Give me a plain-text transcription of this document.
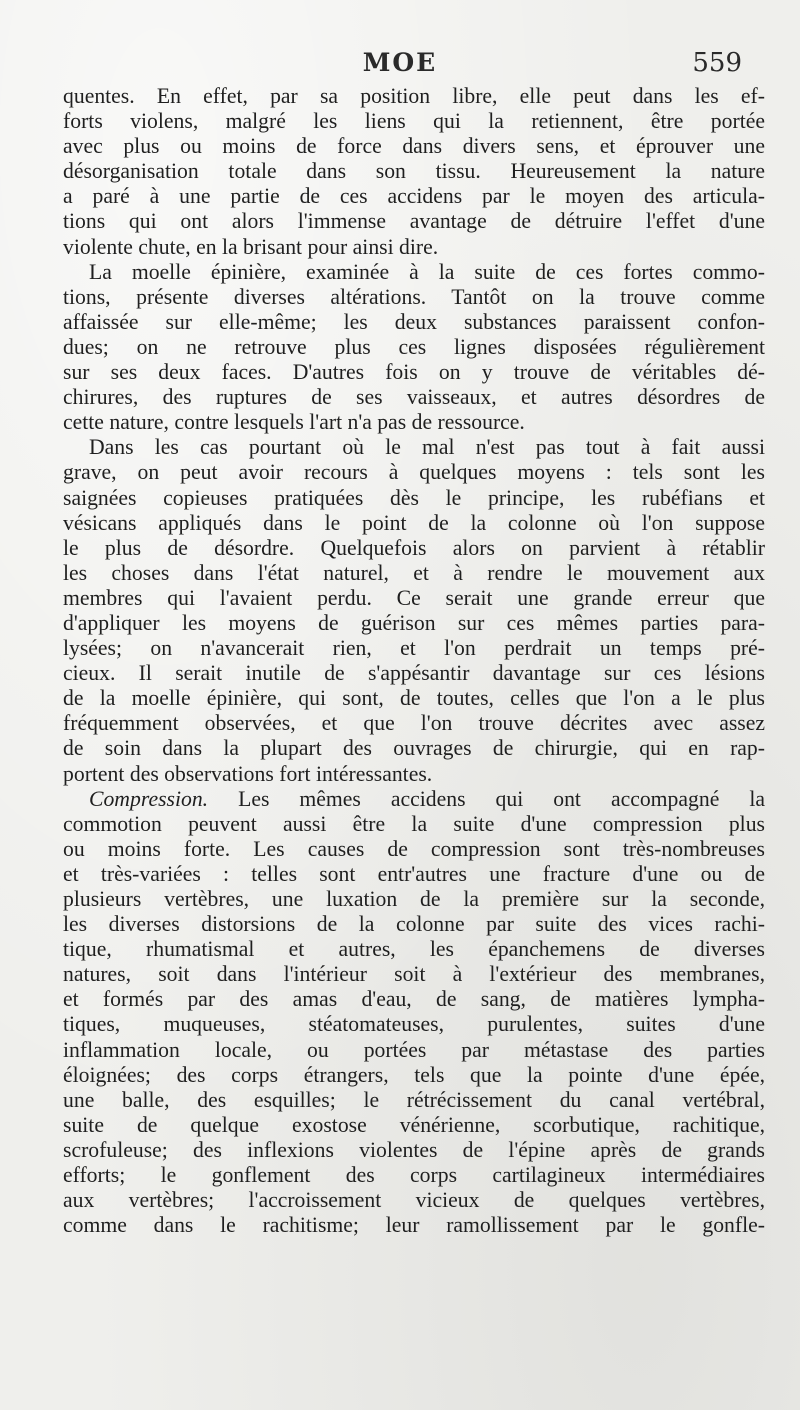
MOE	559

quentes. En effet, par sa position libre, elle peut dans les ef-

forts violens, malgré les liens qui la retiennent, être portée

avec plus ou moins de force dans divers sens, et éprouver une

désorganisation totale dans son tissu. Heureusement la nature

a paré à une partie de ces accidens par le moyen des articula-

tions qui ont alors l'immense avantage de détruire l'effet d'une

violente chute, en la brisant pour ainsi dire.

La moelle épinière, examinée à la suite de ces fortes commo-

tions, présente diverses altérations. Tantôt on la trouve comme

affaissée sur elle-même; les deux substances paraissent confon-

dues; on ne retrouve plus ces lignes disposées régulièrement

sur ses deux faces. D'autres fois on y trouve de véritables dé-

chirures, des ruptures de ses vaisseaux, et autres désordres de

cette nature, contre lesquels l'art n'a pas de ressource.

Dans les cas pourtant où le mal n'est pas tout à fait aussi

grave, on peut avoir recours à quelques moyens : tels sont les

saignées copieuses pratiquées dès le principe, les rubéfians et

vésicans appliqués dans le point de la colonne où l'on suppose

le plus de désordre. Quelquefois alors on parvient à rétablir

les choses dans l'état naturel, et à rendre le mouvement aux

membres qui l'avaient perdu. Ce serait une grande erreur que

d'appliquer les moyens de guérison sur ces mêmes parties para-

lysées; on n'avancerait rien, et l'on perdrait un temps pré-

cieux. Il serait inutile de s'appésantir davantage sur ces lésions

de la moelle épinière, qui sont, de toutes, celles que l'on a le plus

fréquemment observées, et que l'on trouve décrites avec assez

de soin dans la plupart des ouvrages de chirurgie, qui en rap-

portent des observations fort intéressantes.

Compression. Les mêmes accidens qui ont accompagné la

commotion peuvent aussi être la suite d'une compression plus

ou moins forte. Les causes de compression sont très-nombreuses

et très-variées : telles sont entr'autres une fracture d'une ou de

plusieurs vertèbres, une luxation de la première sur la seconde,

les diverses distorsions de la colonne par suite des vices rachi-

tique, rhumatismal et autres, les épanchemens de diverses

natures, soit dans l'intérieur soit à l'extérieur des membranes,

et formés par des amas d'eau, de sang, de matières lympha-

tiques, muqueuses, stéatomateuses, purulentes, suites d'une

inflammation locale, ou portées par métastase des parties

éloignées; des corps étrangers, tels que la pointe d'une épée,

une balle, des esquilles; le rétrécissement du canal vertébral,

suite de quelque exostose vénérienne, scorbutique, rachitique,

scrofuleuse; des inflexions violentes de l'épine après de grands

efforts; le gonflement des corps cartilagineux intermédiaires

aux vertèbres; l'accroissement vicieux de quelques vertèbres,

comme dans le rachitisme; leur ramollissement par le gonfle-
